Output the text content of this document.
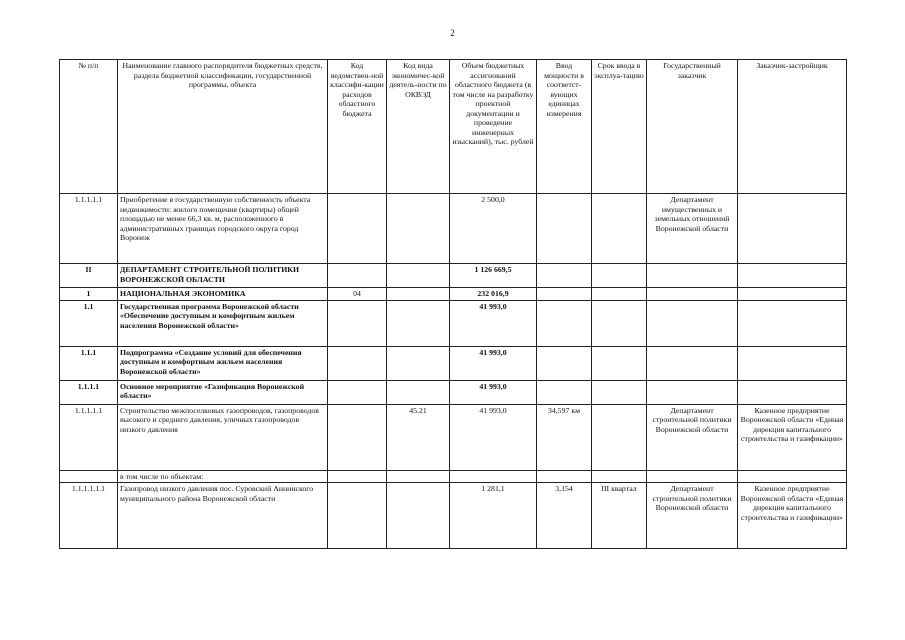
2
№ п/п	Наименование главного распорядителя бюджетных средств, раздела бюджетной классификации, государственной программы, объекта	Код ведомствен-ной классифи-кации расходов областного бюджета	Код вида экономичес-кой деятель-ности по ОКВЭД	Объем бюджетных ассигнований областного бюджета (в том числе на разработку проектной документации и проведение инженерных изысканий), тыс. рублей	Ввод мощности в соответст-вующих единицах измерения	Срок ввода в эксплуа-тацию	Государственный заказчик	Заказчик-застройщик
1.1.1.1.1	Приобретение в государственную собственность объекта недвижимости: жилого помещения (квартиры) общей площадью не менее 66,3 кв. м, расположенного в административных границах городского округа город Воронеж			2 500,0			Департамент имущественных и земельных отношений Воронежской области	
II	ДЕПАРТАМЕНТ СТРОИТЕЛЬНОЙ ПОЛИТИКИ ВОРОНЕЖСКОЙ ОБЛАСТИ			1 126 669,5				
1	НАЦИОНАЛЬНАЯ ЭКОНОМИКА	04		232 016,9				
1.1	Государственная программа Воронежской области «Обеспечение доступным и комфортным жильем населения Воронежской области»			41 993,0				
1.1.1	Подпрограмма «Создание условий для обеспечения доступным и комфортным жильем населения Воронежской области»			41 993,0				
1.1.1.1	Основное мероприятие «Газификация Воронежской области»			41 993,0				
1.1.1.1.1	Строительство межпоселковых газопроводов, газопроводов высокого и среднего давления, уличных газопроводов низкого давления		45.21	41 993,0	34,597 км		Департамент строительной политики Воронежской области	Казенное предприятие Воронежской области «Единая дирекция капитального строительства и газификации»
	в том числе по объектам:							
1.1.1.1.1.1	Газопровод низкого давления пос. Суровский Аннинского муниципального района Воронежской области			1 281,1	3,154	III квартал	Департамент строительной политики Воронежской области	Казенное предприятие Воронежской области «Единая дирекция капитального строительства и газификации»
